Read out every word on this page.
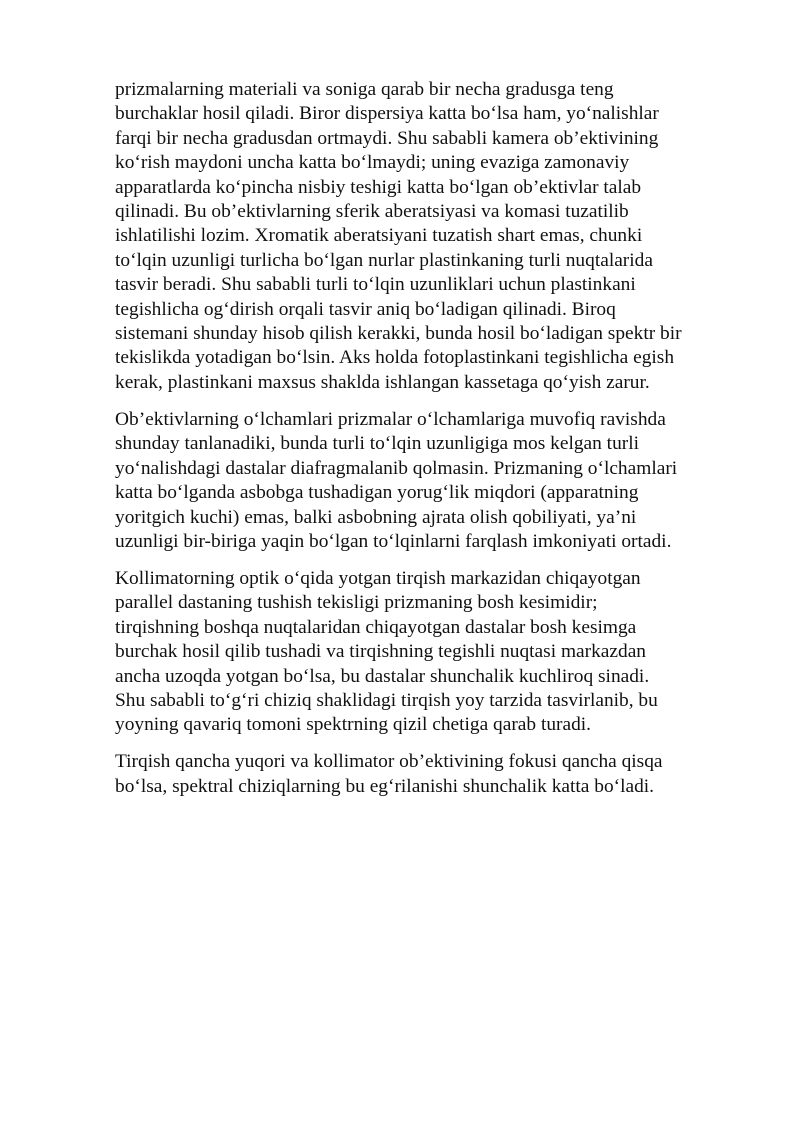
prizmalarning materiali va soniga qarab bir necha gradusga teng
burchaklar hosil qiladi. Biror dispersiya katta bo‘lsa ham, yo‘nalishlar
farqi bir necha gradusdan ortmaydi. Shu sababli kamera ob’ektivining
ko‘rish maydoni uncha katta bo‘lmaydi; uning evaziga zamonaviy
apparatlarda ko‘pincha nisbiy teshigi katta bo‘lgan ob’ektivlar talab
qilinadi. Bu ob’ektivlarning sferik aberatsiyasi va komasi tuzatilib
ishlatilishi lozim. Xromatik aberatsiyani tuzatish shart emas, chunki
to‘lqin uzunligi turlicha bo‘lgan nurlar plastinkaning turli nuqtalarida
tasvir beradi. Shu sababli turli to‘lqin uzunliklari uchun plastinkani
tegishlicha og‘dirish orqali tasvir aniq bo‘ladigan qilinadi. Biroq
sistemani shunday hisob qilish kerakki, bunda hosil bo‘ladigan spektr bir
tekislikda yotadigan bo‘lsin. Aks holda fotoplastinkani tegishlicha egish
kerak, plastinkani maxsus shaklda ishlangan kassetaga qo‘yish zarur.

Ob’ektivlarning o‘lchamlari prizmalar o‘lchamlariga muvofiq ravishda
shunday tanlanadiki, bunda turli to‘lqin uzunligiga mos kelgan turli
yo‘nalishdagi dastalar diafragmalanib qolmasin. Prizmaning o‘lchamlari
katta bo‘lganda asbobga tushadigan yorug‘lik miqdori (apparatning
yoritgich kuchi) emas, balki asbobning ajrata olish qobiliyati, ya’ni
uzunligi bir-biriga yaqin bo‘lgan to‘lqinlarni farqlash imkoniyati ortadi.

Kollimatorning optik o‘qida yotgan tirqish markazidan chiqayotgan
parallel dastaning tushish tekisligi prizmaning bosh kesimidir;
tirqishning boshqa nuqtalaridan chiqayotgan dastalar bosh kesimga
burchak hosil qilib tushadi va tirqishning tegishli nuqtasi markazdan
ancha uzoqda yotgan bo‘lsa, bu dastalar shunchalik kuchliroq sinadi.
Shu sababli to‘g‘ri chiziq shaklidagi tirqish yoy tarzida tasvirlanib, bu
yoyning qavariq tomoni spektrning qizil chetiga qarab turadi.

Tirqish qancha yuqori va kollimator ob’ektivining fokusi qancha qisqa
bo‘lsa, spektral chiziqlarning bu eg‘rilanishi shunchalik katta bo‘ladi.
